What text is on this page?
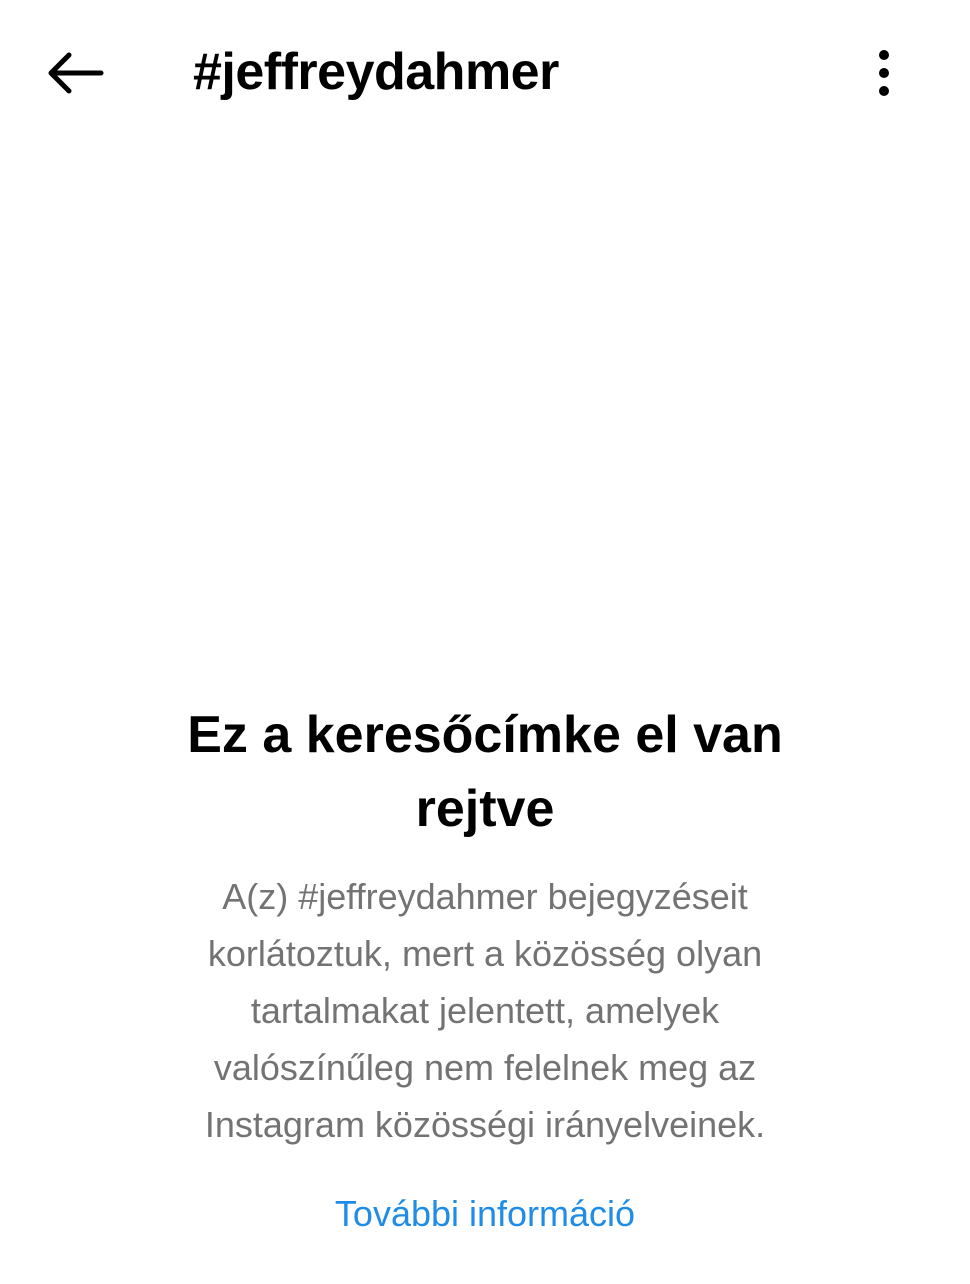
#jeffreydahmer
Ez a keresőcímke el van rejtve
A(z) #jeffreydahmer bejegyzéseit korlátoztuk, mert a közösség olyan tartalmakat jelentett, amelyek valószínűleg nem felelnek meg az Instagram közösségi irányelveinek.
További információ
